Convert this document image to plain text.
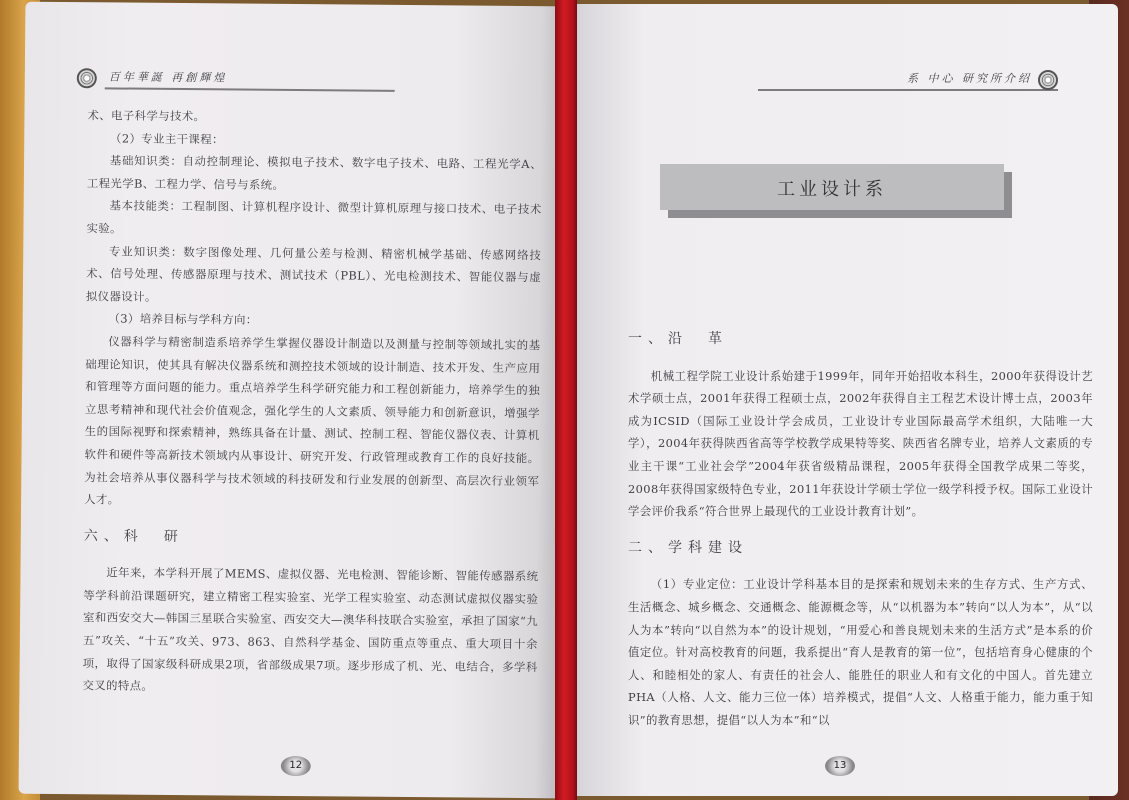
百年華誕 再創輝煌

术、电子科学与技术。

（2）专业主干课程：

基础知识类：自动控制理论、模拟电子技术、数字电子技术、电路、工程光学A、工程光学B、工程力学、信号与系统。

基本技能类：工程制图、计算机程序设计、微型计算机原理与接口技术、电子技术实验。

专业知识类：数字图像处理、几何量公差与检测、精密机械学基础、传感网络技术、信号处理、传感器原理与技术、测试技术（PBL）、光电检测技术、智能仪器与虚拟仪器设计。

（3）培养目标与学科方向：

仪器科学与精密制造系培养学生掌握仪器设计制造以及测量与控制等领域扎实的基础理论知识，使其具有解决仪器系统和测控技术领域的设计制造、技术开发、生产应用和管理等方面问题的能力。重点培养学生科学研究能力和工程创新能力，培养学生的独立思考精神和现代社会价值观念，强化学生的人文素质、领导能力和创新意识，增强学生的国际视野和探索精神，熟练具备在计量、测试、控制工程、智能仪器仪表、计算机软件和硬件等高新技术领域内从事设计、研究开发、行政管理或教育工作的良好技能。为社会培养从事仪器科学与技术领域的科技研发和行业发展的创新型、高层次行业领军人才。

六、科　研

近年来，本学科开展了MEMS、虚拟仪器、光电检测、智能诊断、智能传感器系统等学科前沿课题研究，建立精密工程实验室、光学工程实验室、动态测试虚拟仪器实验室和西安交大—韩国三星联合实验室、西安交大—澳华科技联合实验室，承担了国家“九五”攻关、“十五”攻关、973、863、自然科学基金、国防重点等重点、重大项目十余项，取得了国家级科研成果2项，省部级成果7项。逐步形成了机、光、电结合，多学科交叉的特点。

12
系 中心 研究所介绍
工业设计系
一、沿　革

机械工程学院工业设计系始建于1999年，同年开始招收本科生，2000年获得设计艺术学硕士点，2001年获得工程硕士点，2002年获得自主工程艺术设计博士点，2003年成为ICSID（国际工业设计学会成员，工业设计专业国际最高学术组织，大陆唯一大学），2004年获得陕西省高等学校教学成果特等奖、陕西省名牌专业，培养人文素质的专业主干课“工业社会学”2004年获省级精品课程，2005年获得全国教学成果二等奖，2008年获得国家级特色专业，2011年获设计学硕士学位一级学科授予权。国际工业设计学会评价我系“符合世界上最现代的工业设计教育计划”。

二、学科建设

（1）专业定位：工业设计学科基本目的是探索和规划未来的生存方式、生产方式、生活概念、城乡概念、交通概念、能源概念等，从“以机器为本”转向“以人为本”，从“以人为本”转向“以自然为本”的设计规划，“用爱心和善良规划未来的生活方式”是本系的价值定位。针对高校教育的问题，我系提出“育人是教育的第一位”，包括培育身心健康的个人、和睦相处的家人、有责任的社会人、能胜任的职业人和有文化的中国人。首先建立PHA（人格、人文、能力三位一体）培养模式，提倡“人文、人格重于能力，能力重于知识”的教育思想，提倡“以人为本”和“以

13
